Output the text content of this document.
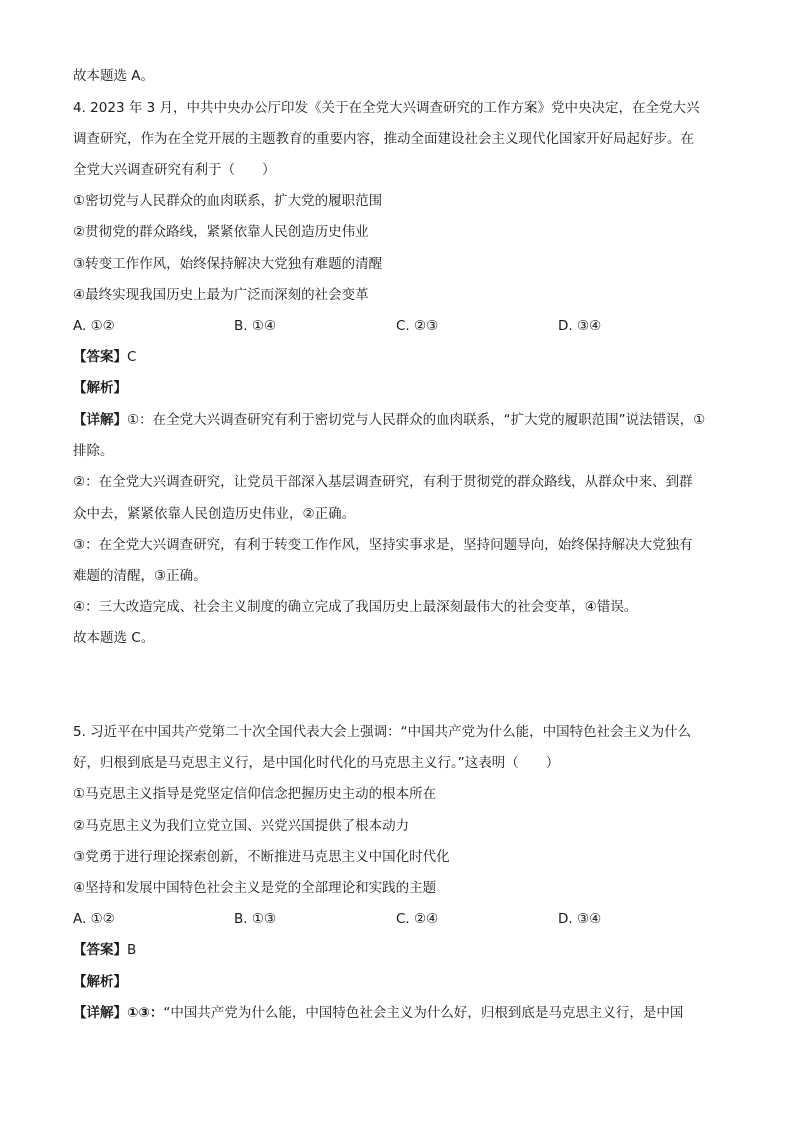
故本题选 A。
4. 2023 年 3 月，中共中央办公厅印发《关于在全党大兴调查研究的工作方案》党中央决定，在全党大兴
调查研究，作为在全党开展的主题教育的重要内容，推动全面建设社会主义现代化国家开好局起好步。在
全党大兴调查研究有利于（　　）
①密切党与人民群众的血肉联系，扩大党的履职范围
②贯彻党的群众路线，紧紧依靠人民创造历史伟业
③转变工作作风，始终保持解决大党独有难题的清醒
④最终实现我国历史上最为广泛而深刻的社会变革
A. ①②	B. ①④	C. ②③	D. ③④
【答案】C
【解析】
【详解】①：在全党大兴调查研究有利于密切党与人民群众的血肉联系，“扩大党的履职范围”说法错误，①
排除。
②：在全党大兴调查研究，让党员干部深入基层调查研究，有利于贯彻党的群众路线，从群众中来、到群
众中去，紧紧依靠人民创造历史伟业，②正确。
③：在全党大兴调查研究，有利于转变工作作风，坚持实事求是，坚持问题导向，始终保持解决大党独有
难题的清醒，③正确。
④：三大改造完成、社会主义制度的确立完成了我国历史上最深刻最伟大的社会变革，④错误。
故本题选 C。
5. 习近平在中国共产党第二十次全国代表大会上强调：“中国共产党为什么能，中国特色社会主义为什么
好，归根到底是马克思主义行，是中国化时代化的马克思主义行。”这表明（　　）
①马克思主义指导是党坚定信仰信念把握历史主动的根本所在
②马克思主义为我们立党立国、兴党兴国提供了根本动力
③党勇于进行理论探索创新，不断推进马克思主义中国化时代化
④坚持和发展中国特色社会主义是党的全部理论和实践的主题
A. ①②	B. ①③	C. ②④	D. ③④
【答案】B
【解析】
【详解】①③：“中国共产党为什么能，中国特色社会主义为什么好，归根到底是马克思主义行，是中国
